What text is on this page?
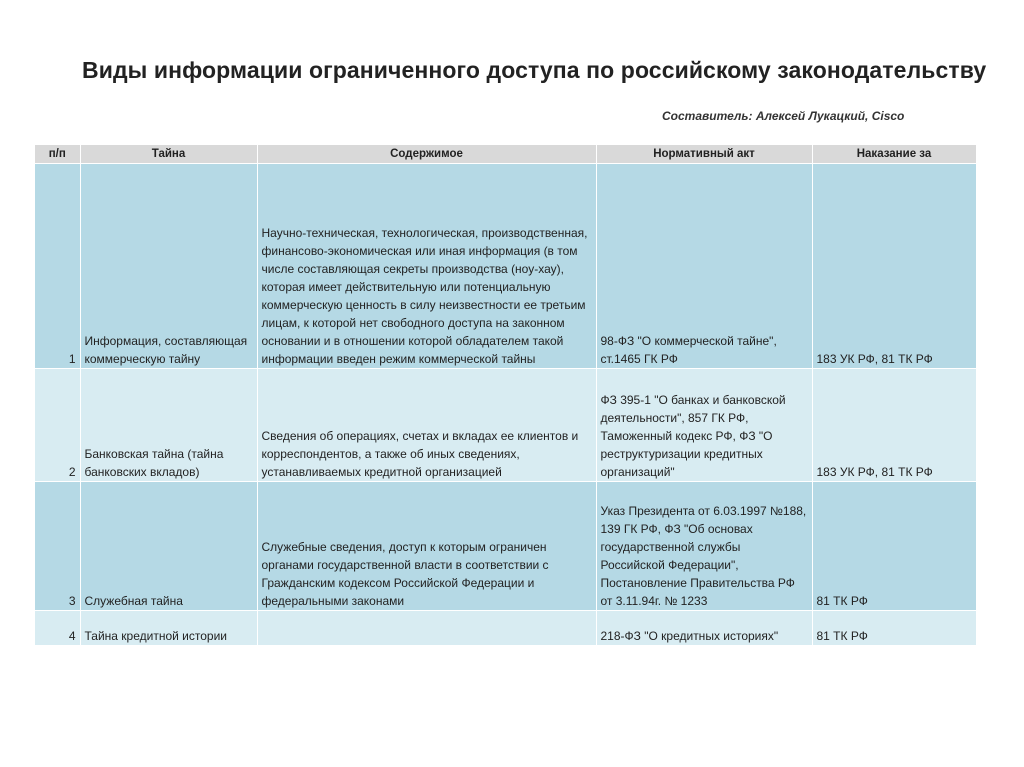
Виды информации ограниченного доступа по российскому законодательству
Составитель: Алексей Лукацкий, Cisco
п/п	Тайна	Содержимое	Нормативный акт	Наказание за
1	Информация, составляющая коммерческую тайну	Научно-техническая, технологическая, производственная, финансово-экономическая или иная информация (в том числе составляющая секреты производства (ноу-хау), которая имеет действительную или потенциальную коммерческую ценность в силу неизвестности ее третьим лицам, к которой нет свободного доступа на законном основании и в отношении которой обладателем такой информации введен режим коммерческой тайны	98-ФЗ "О коммерческой тайне", ст.1465 ГК РФ	183 УК РФ, 81 ТК РФ
2	Банковская тайна (тайна банковских вкладов)	Сведения об операциях, счетах и вкладах ее клиентов и корреспондентов, а также об иных сведениях, устанавливаемых кредитной организацией	ФЗ 395-1 "О банках и банковской деятельности", 857 ГК РФ, Таможенный кодекс РФ, ФЗ "О реструктуризации кредитных организаций"	183 УК РФ, 81 ТК РФ
3	Служебная тайна	Служебные сведения, доступ к которым ограничен органами государственной власти в соответствии с Гражданским кодексом Российской Федерации и федеральными законами	Указ Президента от 6.03.1997 №188, 139 ГК РФ, ФЗ "Об основах государственной службы Российской Федерации", Постановление Правительства РФ от 3.11.94г. № 1233	81 ТК РФ
4	Тайна кредитной истории		218-ФЗ "О кредитных историях"	81 ТК РФ
